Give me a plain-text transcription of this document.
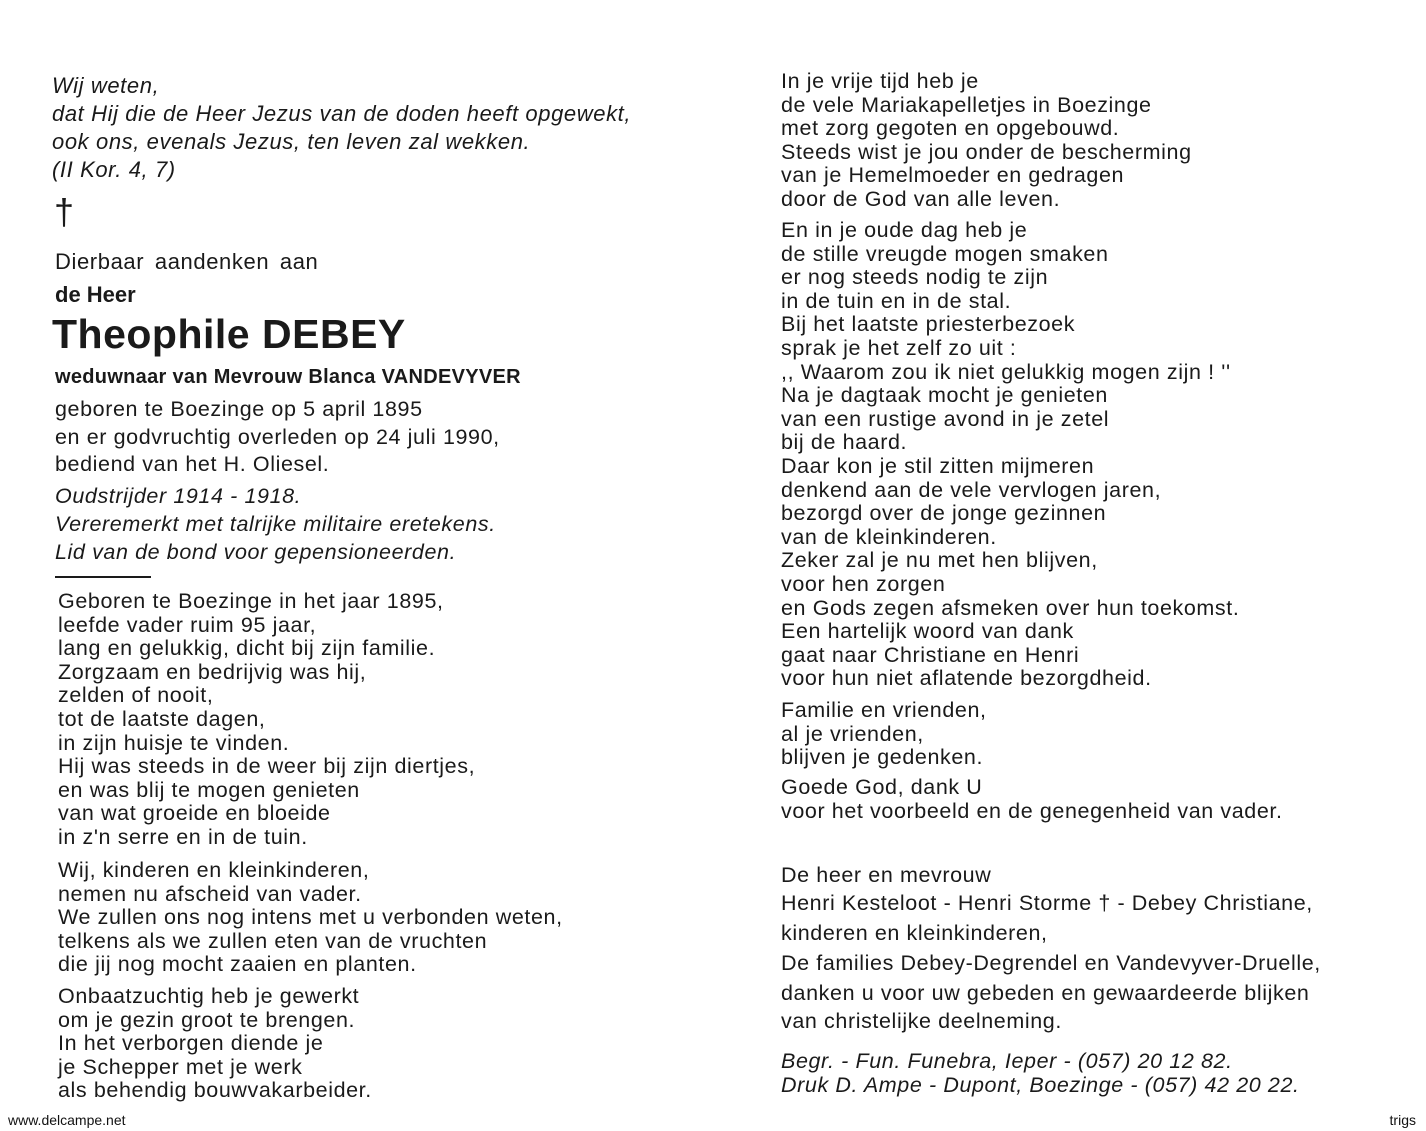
Wij weten,
dat Hij die de Heer Jezus van de doden heeft opgewekt,
ook ons, evenals Jezus, ten leven zal wekken.
(II Kor. 4, 7)
†
Dierbaar aandenken aan
de Heer
Theophile DEBEY
weduwnaar van Mevrouw Blanca VANDEVYVER
geboren te Boezinge op 5 april 1895
en er godvruchtig overleden op 24 juli 1990,
bediend van het H. Oliesel.
Oudstrijder 1914 - 1918.
Vereremerkt met talrijke militaire eretekens.
Lid van de bond voor gepensioneerden.
Geboren te Boezinge in het jaar 1895,
leefde vader ruim 95 jaar,
lang en gelukkig, dicht bij zijn familie.
Zorgzaam en bedrijvig was hij,
zelden of nooit,
tot de laatste dagen,
in zijn huisje te vinden.
Hij was steeds in de weer bij zijn diertjes,
en was blij te mogen genieten
van wat groeide en bloeide
in z'n serre en in de tuin.
Wij, kinderen en kleinkinderen,
nemen nu afscheid van vader.
We zullen ons nog intens met u verbonden weten,
telkens als we zullen eten van de vruchten
die jij nog mocht zaaien en planten.
Onbaatzuchtig heb je gewerkt
om je gezin groot te brengen.
In het verborgen diende je
je Schepper met je werk
als behendig bouwvakarbeider.
In je vrije tijd heb je
de vele Mariakapelletjes in Boezinge
met zorg gegoten en opgebouwd.
Steeds wist je jou onder de bescherming
van je Hemelmoeder en gedragen
door de God van alle leven.
En in je oude dag heb je
de stille vreugde mogen smaken
er nog steeds nodig te zijn
in de tuin en in de stal.
Bij het laatste priesterbezoek
sprak je het zelf zo uit :
,, Waarom zou ik niet gelukkig mogen zijn ! ''
Na je dagtaak mocht je genieten
van een rustige avond in je zetel
bij de haard.
Daar kon je stil zitten mijmeren
denkend aan de vele vervlogen jaren,
bezorgd over de jonge gezinnen
van de kleinkinderen.
Zeker zal je nu met hen blijven,
voor hen zorgen
en Gods zegen afsmeken over hun toekomst.
Een hartelijk woord van dank
gaat naar Christiane en Henri
voor hun niet aflatende bezorgdheid.
Familie en vrienden,
al je vrienden,
blijven je gedenken.
Goede God, dank U
voor het voorbeeld en de genegenheid van vader.
De heer en mevrouw
Henri Kesteloot - Henri Storme † - Debey Christiane,
kinderen en kleinkinderen,
De families Debey-Degrendel en Vandevyver-Druelle,
danken u voor uw gebeden en gewaardeerde blijken
van christelijke deelneming.
Begr. - Fun. Funebra, Ieper - (057) 20 12 82.
Druk D. Ampe - Dupont, Boezinge - (057) 42 20 22.
www.delcampe.net	trigs
